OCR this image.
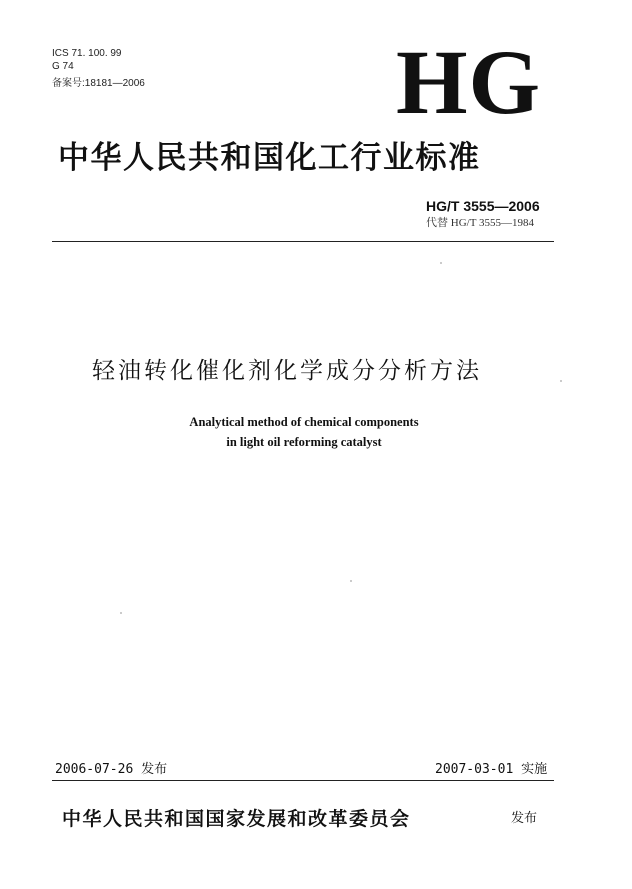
ICS 71. 100. 99
G 74
备案号:18181—2006	HG
中华人民共和国化工行业标准
HG/T 3555—2006
代替 HG/T 3555—1984
轻油转化催化剂化学成分分析方法
Analytical method of chemical components
in light oil reforming catalyst
2006-07-26 发布	2007-03-01 实施
中华人民共和国国家发展和改革委员会	发布
